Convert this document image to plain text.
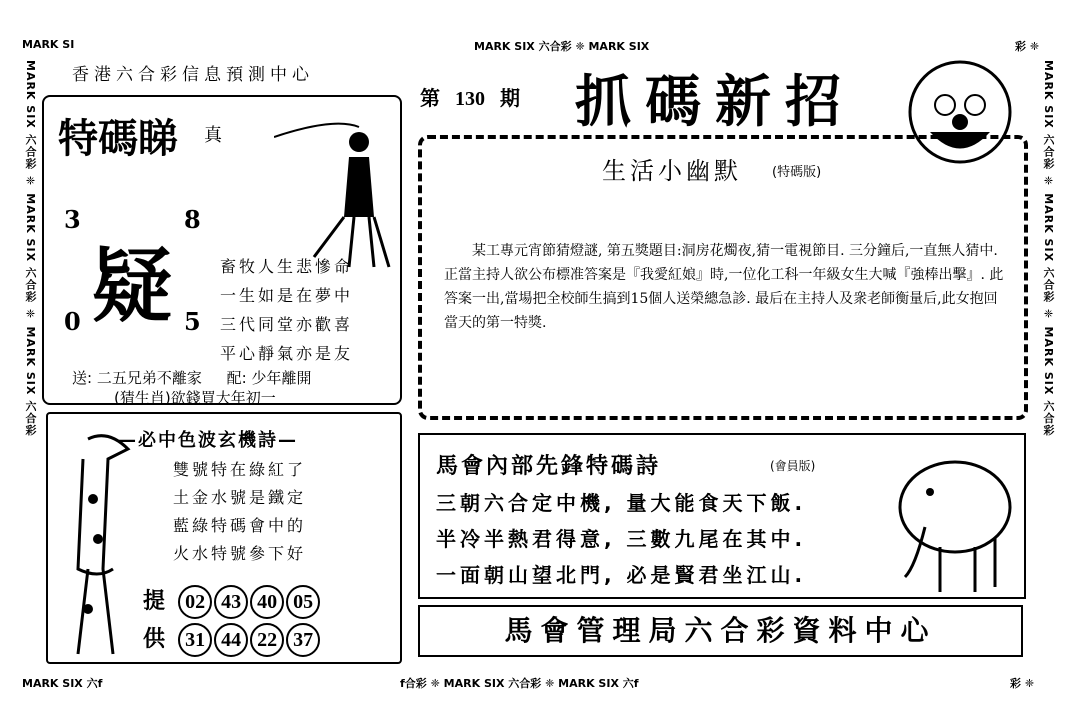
MARK SI	MARK SIX 六合彩 ❈ MARK SIX	彩 ❈
MARK SIX 六合彩 ❈ MARK SIX 六合彩 ❈ MARK SIX 六合彩	MARK SIX 六合彩 ❈ MARK SIX 六合彩 ❈ MARK SIX 六合彩
MARK SIX 六f	f合彩 ❈ MARK SIX 六合彩 ❈ MARK SIX 六f	彩 ❈
香港六合彩信息預測中心
第 130 期 抓碼新招
特碼睇 真
3	8
0	5
疑	畜牧人生悲慘命
一生如是在夢中
三代同堂亦歡喜
平心靜氣亦是友
送: 二五兄弟不離家 配: 少年離開
(猜生肖)欲錢買大年初一
生活小幽默 (特碼版)
某工專元宵節猜燈謎, 第五獎題目:洞房花燭夜,猜一電視節目. 三分鐘后,一直無人猜中.正當主持人欲公布標准答案是『我愛紅娘』時,一位化工科一年級女生大喊『強棒出擊』. 此答案一出,當場把全校師生搞到15個人送榮總急診. 最后在主持人及衆老師衡量后,此女抱回當天的第一特獎.
—必中色波玄機詩—
雙號特在綠紅了
土金水號是鐵定
藍綠特碼會中的
火水特號參下好
提 02 43 40 05
供 31 44 22 37
馬會內部先鋒特碼詩	(會員版)
三朝六合定中機, 量大能食天下飯.
半冷半熱君得意, 三數九尾在其中.
一面朝山望北門, 必是賢君坐江山.
馬會管理局六合彩資料中心
